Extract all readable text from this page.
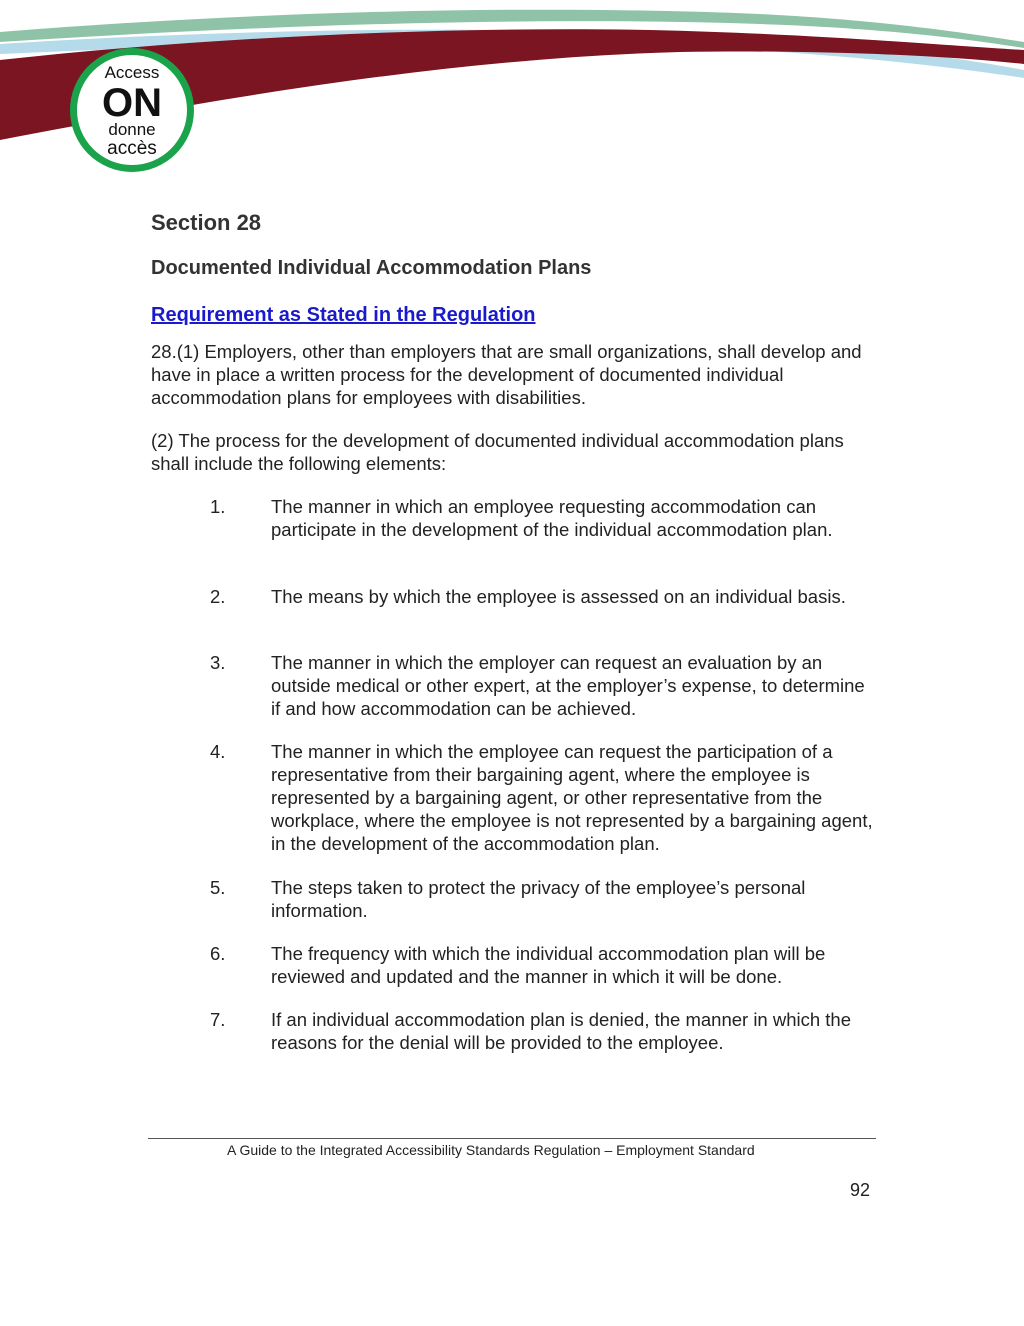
Access
ON
donne
accès
Section 28
Documented Individual Accommodation Plans
Requirement as Stated in the Regulation

28.(1) Employers, other than employers that are small organizations, shall develop and have in place a written process for the development of documented individual accommodation plans for employees with disabilities.

(2) The process for the development of documented individual accommodation plans shall include the following elements:

1. The manner in which an employee requesting accommodation can participate in the development of the individual accommodation plan.
2. The means by which the employee is assessed on an individual basis.
3. The manner in which the employer can request an evaluation by an outside medical or other expert, at the employer’s expense, to determine if and how accommodation can be achieved.
4. The manner in which the employee can request the participation of a representative from their bargaining agent, where the employee is represented by a bargaining agent, or other representative from the workplace, where the employee is not represented by a bargaining agent, in the development of the accommodation plan.
5. The steps taken to protect the privacy of the employee’s personal information.
6. The frequency with which the individual accommodation plan will be reviewed and updated and the manner in which it will be done.
7. If an individual accommodation plan is denied, the manner in which the reasons for the denial will be provided to the employee.
A Guide to the Integrated Accessibility Standards Regulation – Employment Standard
92
